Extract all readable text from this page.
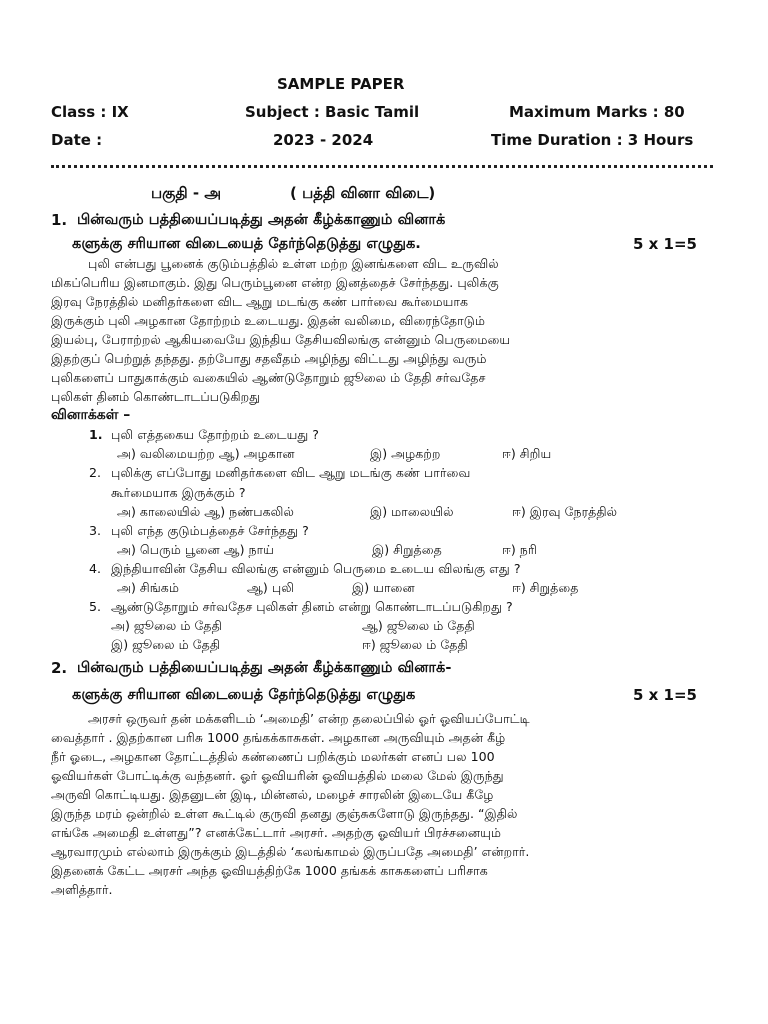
SAMPLE PAPER
Class : IX	Subject : Basic Tamil	Maximum Marks : 80
Date :	2023 - 2024	Time Duration : 3 Hours
பகுதி - அ	( பத்தி வினா விடை)
1. பின்வரும் பத்தியைப்படித்து அதன் கீழ்க்காணும் வினாக்
களுக்கு சரியான விடையைத் தேர்ந்தெடுத்து எழுதுக.	5 x 1=5
புலி என்பது பூனைக் குடும்பத்தில் உள்ள மற்ற இனங்களை விட உருவில்
மிகப்பெரிய இனமாகும். இது பெரும்பூனை என்ற இனத்தைச் சேர்ந்தது. புலிக்கு
இரவு நேரத்தில் மனிதர்களை விட ஆறு மடங்கு கண் பார்வை கூர்மையாக
இருக்கும் புலி அழகான தோற்றம் உடையது. இதன் வலிமை, விரைந்தோடும்
இயல்பு, பேராற்றல் ஆகியவையே இந்திய தேசியவிலங்கு என்னும் பெருமையை
இதற்குப் பெற்றுத் தந்தது. தற்போது சதவீதம் அழிந்து விட்டது அழிந்து வரும்
புலிகளைப் பாதுகாக்கும் வகையில் ஆண்டுதோறும் ஜூலை ம் தேதி சர்வதேச
புலிகள் தினம் கொண்டாடப்படுகிறது
வினாக்கள் –
1. புலி எத்தகைய தோற்றம் உடையது ?
அ) வலிமையற்ற ஆ) அழகான	இ) அழகற்ற	ஈ) சிறிய
2. புலிக்கு எப்போது மனிதர்களை விட ஆறு மடங்கு கண் பார்வை
கூர்மையாக இருக்கும் ?
அ) காலையில் ஆ) நண்பகலில்	இ) மாலையில்	ஈ) இரவு நேரத்தில்
3. புலி எந்த குடும்பத்தைச் சேர்ந்தது ?
அ) பெரும் பூனை ஆ) நாய்	இ) சிறுத்தை	ஈ) நரி
4. இந்தியாவின் தேசிய விலங்கு என்னும் பெருமை உடைய விலங்கு எது ?
அ) சிங்கம்	ஆ) புலி	இ) யானை	ஈ) சிறுத்தை
5. ஆண்டுதோறும் சர்வதேச புலிகள் தினம் என்று கொண்டாடப்படுகிறது ?
அ) ஜூலை ம் தேதி	ஆ) ஜூலை ம் தேதி
இ) ஜூலை ம் தேதி	ஈ) ஜூலை ம் தேதி
2. பின்வரும் பத்தியைப்படித்து அதன் கீழ்க்காணும் வினாக்-
களுக்கு சரியான விடையைத் தேர்ந்தெடுத்து எழுதுக	5 x 1=5
அரசர் ஒருவர் தன் மக்களிடம் ‘அமைதி’ என்ற தலைப்பில் ஓர் ஓவியப்போட்டி
வைத்தார் . இதற்கான பரிசு 1000 தங்கக்காசுகள். அழகான அருவியும் அதன் கீழ்
நீர் ஓடை, அழகான தோட்டத்தில் கண்ணைப் பறிக்கும் மலர்கள் எனப் பல 100
ஓவியர்கள் போட்டிக்கு வந்தனர். ஓர் ஓவியரின் ஓவியத்தில் மலை மேல் இருந்து
அருவி கொட்டியது. இதனுடன் இடி, மின்னல், மழைச் சாரலின் இடையே கீழே
இருந்த மரம் ஒன்றில் உள்ள கூட்டில் குருவி தனது குஞ்சுகளோடு இருந்தது. “இதில்
எங்கே அமைதி உள்ளது”? எனக்கேட்டார் அரசர். அதற்கு ஓவியர் பிரச்சனையும்
ஆரவாரமும் எல்லாம் இருக்கும் இடத்தில் ‘கலங்காமல் இருப்பதே அமைதி’ என்றார்.
இதனைக் கேட்ட அரசர் அந்த ஓவியத்திற்கே 1000 தங்கக் காசுகளைப் பரிசாக
அளித்தார்.
